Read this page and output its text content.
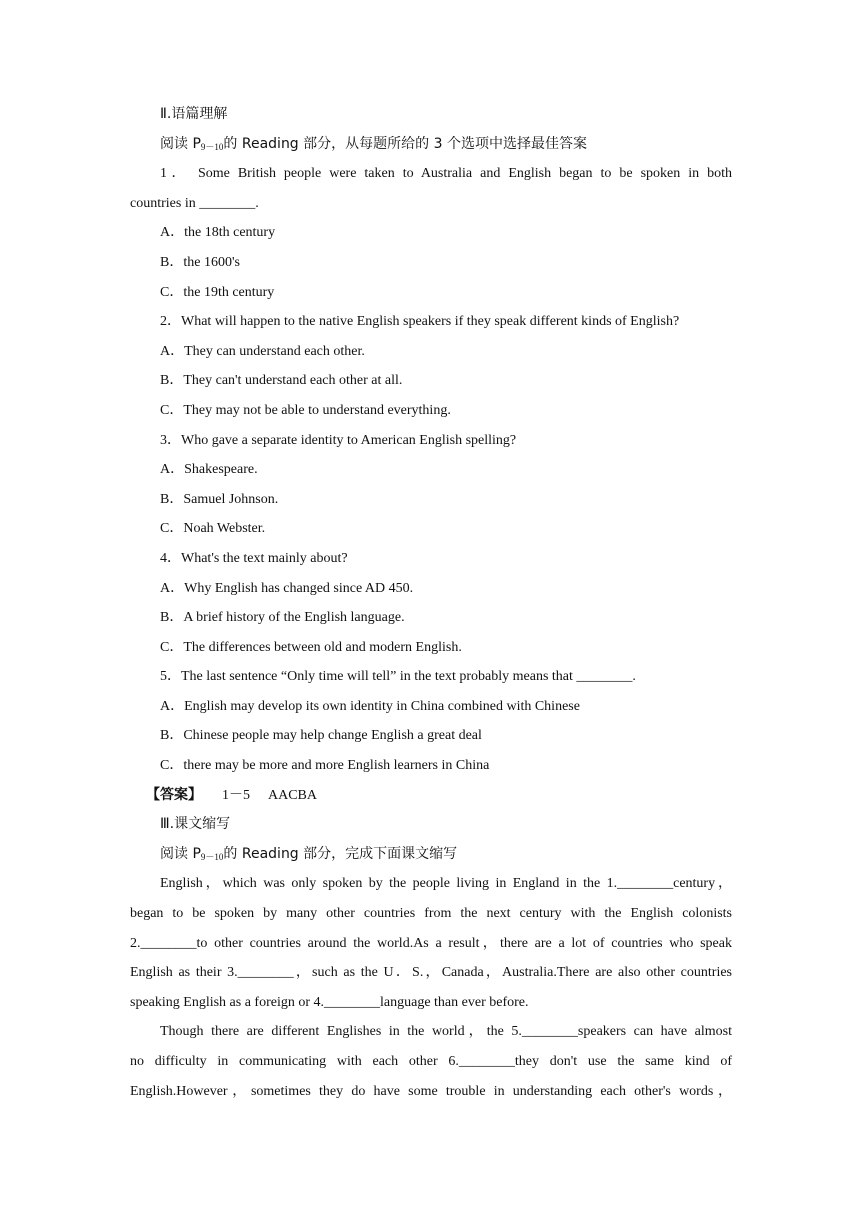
Ⅱ.语篇理解
阅读 $P_{9-10}$的 Reading 部分，从每题所给的 3 个选项中选择最佳答案
1． Some British people were taken to Australia and English began to be spoken in both
countries in ________.
A．the 18th century
B．the 1600's
C．the 19th century
2．What will happen to the native English speakers if they speak different kinds of English?
A．They can understand each other.
B．They can't understand each other at all.
C．They may not be able to understand everything.
3．Who gave a separate identity to American English spelling?
A．Shakespeare.
B．Samuel Johnson.
C．Noah Webster.
4．What's the text mainly about?
A．Why English has changed since AD 450.
B．A brief history of the English language.
C．The differences between old and modern English.
5．The last sentence “Only time will tell” in the text probably means that ________.
A．English may develop its own identity in China combined with Chinese
B．Chinese people may help change English a great deal
C．there may be more and more English learners in China
【答案】 1－5 AACBA
Ⅲ.课文缩写
阅读 $P_{9-10}$的 Reading 部分，完成下面课文缩写
English，which was only spoken by the people living in England in the 1.________century，
began to be spoken by many other countries from the next century with the English colonists
2.________to other countries around the world.As a result，there are a lot of countries who speak
English as their 3.________，such as the U．S.，Canada，Australia.There are also other countries
speaking English as a foreign or 4.________language than ever before.
Though there are different Englishes in the world，the 5.________speakers can have almost
no difficulty in communicating with each other 6.________they don't use the same kind of
English.However，sometimes they do have some trouble in understanding each other's words，
